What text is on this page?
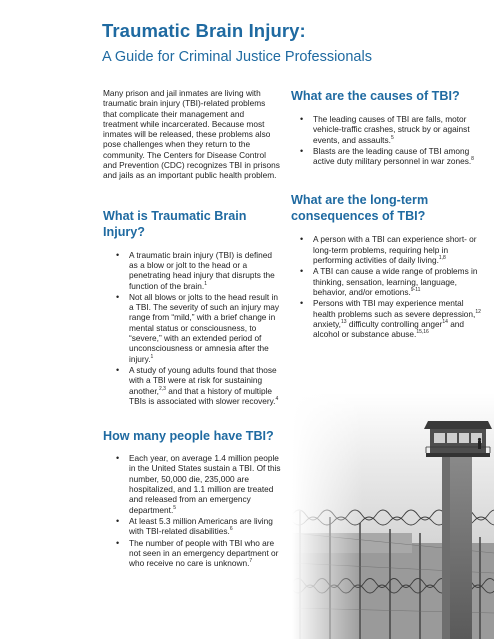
Traumatic Brain Injury:
A Guide for Criminal Justice Professionals

Many prison and jail inmates are living with traumatic brain injury (TBI)-related problems that complicate their management and treatment while incarcerated. Because most inmates will be released, these problems also pose challenges when they return to the community. The Centers for Disease Control and Prevention (CDC) recognizes TBI in prisons and jails as an important public health problem.

What is Traumatic Brain Injury?
• A traumatic brain injury (TBI) is defined as a blow or jolt to the head or a penetrating head injury that disrupts the function of the brain.$^1$
• Not all blows or jolts to the head result in a TBI. The severity of such an injury may range from “mild,” with a brief change in mental status or consciousness, to “severe,” with an extended period of unconsciousness or amnesia after the injury.$^1$
• A study of young adults found that those with a TBI were at risk for sustaining another,$^{2,3}$ and that a history of multiple TBIs is associated with slower recovery.$^4$
How many people have TBI?
• Each year, on average 1.4 million people in the United States sustain a TBI. Of this number, 50,000 die, 235,000 are hospitalized, and 1.1 million are treated and released from an emergency department.$^5$
• At least 5.3 million Americans are living with TBI-related disabilities.$^6$
• The number of people with TBI who are not seen in an emergency department or who receive no care is unknown.$^7$
What are the causes of TBI?
• The leading causes of TBI are falls, motor vehicle-traffic crashes, struck by or against events, and assaults.$^5$
• Blasts are the leading cause of TBI among active duty military personnel in war zones.$^8$
What are the long-term consequences of TBI?
• A person with a TBI can experience short- or long-term problems, requiring help in performing activities of daily living.$^{1,8}$
• A TBI can cause a wide range of problems in thinking, sensation, learning, language, behavior, and/or emotions.$^{9-11}$
• Persons with TBI may experience mental health problems such as severe depression,$^{12}$ anxiety,$^{13}$ difficulty controlling anger$^{14}$ and alcohol or substance abuse.$^{15,16}$
